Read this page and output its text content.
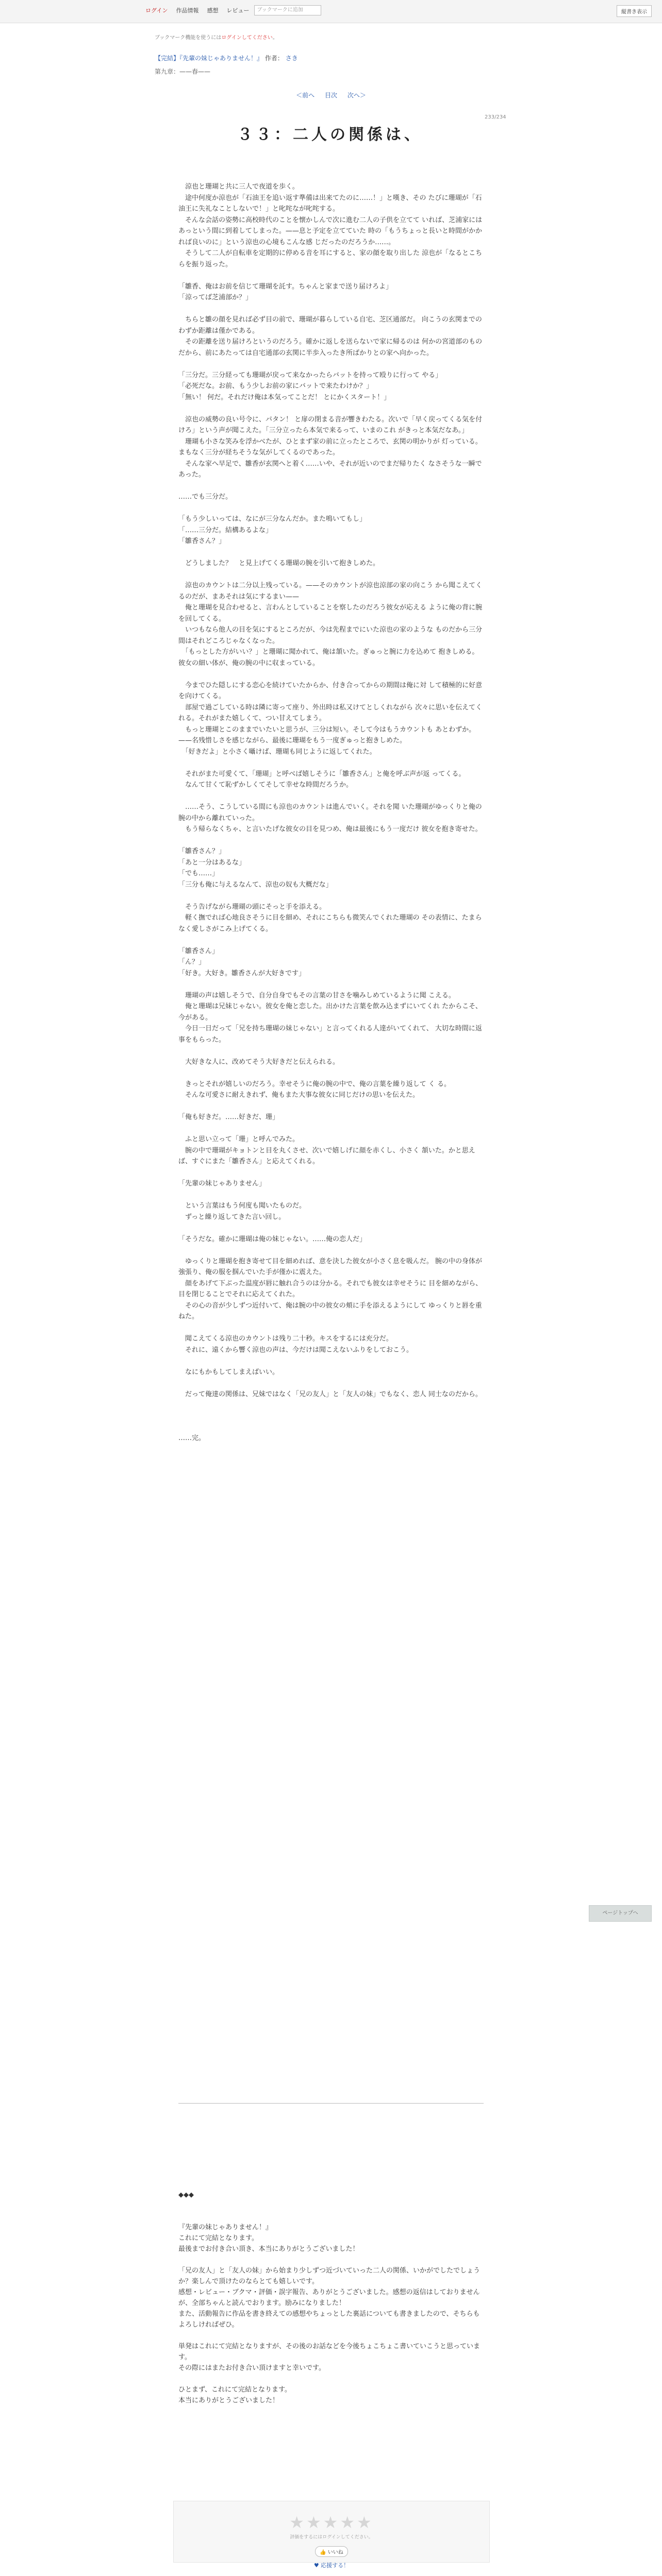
ログイン	作品情報	感想	レビュー	ブックマークに追加	縦書き表示
ブックマーク機能を使うにはログインしてください。
【完結】『先輩の妹じゃありません！』 作者： さき
第九章：——春——
＜前へ 目次 次へ＞
233/234
３３：二人の関係は、

　涼也と珊瑚と共に三人で夜道を歩く。
　途中何度か涼也が「石油王を追い返す準備は出来てたのに……！」と嘆き、その たびに珊瑚が「石油王に失礼なことしないで！」と叱咤なが叱咤する。
　そんな会話の姿勢に高校時代のことを懐かしんで次に進む二人の子供を立てて いれば、芝浦家にはあっという間に到着してしまった。——息と予定を立てていた 時の「もうちょっと長いと時間がかかれば良いのに」という涼也の心境もこんな感 じだったのだろうか……。
　そうして二人が自転車を定期的に停める音を耳にすると、家の顔を取り出した 涼也が「なるとこちらを振り返った。

「雛香、俺はお前を信じて珊瑚を託す。ちゃんと家まで送り届けろよ」
「涼ってば芝浦部か？」

　ちらと雛の顔を見れば必ず目の前で、珊瑚が暮らしている自宅、芝区通部だ。 向こうの玄関までのわずか距離は僅かである。
　その距離を送り届けろというのだろう。確かに返しを送らないで家に帰るのは 何かの宮道部のものだから、前にあたっては自宅通部の玄関に半歩入ったき所ばかりとの家へ向かった。

「三分だ。三分経っても珊瑚が戻って来なかったらバットを持って殴りに行って やる」
「必死だな。お前、もう少しお前の家にバットで来たわけか？」
「無い！ 何だ。それだけ俺は本気ってことだ！ とにかくスタート！」

　涼也の威勢の良い号令に、パタン！ と扉の閉まる音が響きわたる。次いで「早く戻ってくる気を付けろ」という声が聞こえた。「三分立ったら本気で来るって、いまのこれ がきっと本気だなあ。」
　珊瑚も小さな笑みを浮かべたが、ひとまず家の前に立ったところで、玄関の明かりが 灯っている。まもなく三分が経ちそうな気がしてくるのであった。
　そんな家へ早足で、雛香が玄関へと着く……いや、それが近いのでまだ帰りたく なさそうな一瞬であった。

……でも三分だ。

「もう少しいっては、なにが三分なんだか。また鳴いてもし」
「……三分だ。結構あるよな」
「雛香さん？」

　どうしました？　と見上げてくる珊瑚の腕を引いて抱きしめた。

　涼也のカウントは二分以上残っている。——そのカウントが涼也涼部の家の向こう から聞こえてくるのだが、まあそれは気にするまい——
　俺と珊瑚を見合わせると、言わんとしていることを察したのだろう彼女が応える ように俺の背に腕を回してくる。
　いつもなら他人の目を気にするところだが、今は先程までにいた涼也の家のような ものだから三分間はそれどころじゃなくなった。
　「もっとした方がいい？」と珊瑚に聞かれて、俺は頷いた。ぎゅっと腕に力を込めて 抱きしめる。彼女の細い体が、俺の腕の中に収まっている。

　今までひた隠しにする恋心を続けていたからか、付き合ってからの期間は俺に対 して積極的に好意を向けてくる。
　部屋で過ごしている時は隣に寄って座り、外出時は私又けてとしくれながら 次々に思いを伝えてくれる。それがまた嬉しくて、つい甘えてしまう。
　もっと珊瑚とこのままでいたいと思うが、三分は短い。そして今はもうカウントも あとわずか。——名残惜しさを感じながら、最後に珊瑚をもう一度ぎゅっと抱きしめた。
　「好きだよ」と小さく囁けば、珊瑚も同じように返してくれた。

　それがまた可愛くて、「珊瑚」と呼べば嬉しそうに「雛香さん」と俺を呼ぶ声が返 ってくる。
　なんて甘くて恥ずかしくてそして幸せな時間だろうか。

　……そう、こうしている間にも涼也のカウントは進んでいく。それを聞 いた珊瑚がゆっくりと俺の腕の中から離れていった。
　もう帰らなくちゃ、と言いたげな彼女の目を見つめ、俺は最後にもう一度だけ 彼女を抱き寄せた。

「雛香さん？」
「あと一分はあるな」
「でも……」
「三分も俺に与えるなんて、涼也の奴も大概だな」

　そう告げながら珊瑚の頭にそっと手を添える。
　軽く撫でれば心地良さそうに目を細め、それにこちらも微笑んでくれた珊瑚の その表情に、たまらなく愛しさがこみ上げてくる。

「雛香さん」
「ん？」
「好き。大好き。雛香さんが大好きです」

　珊瑚の声は嬉しそうで、自分自身でもその言葉の甘さを噛みしめているように聞 こえる。
　俺と珊瑚は兄妹じゃない。彼女を俺と恋した。出かけた言葉を飲み込まずにいてくれ たからこそ、今がある。
　今日一日だって「兄を持ち珊瑚の妹じゃない」と言ってくれる人達がいてくれて、 大切な時間に返事をもらった。

　大好きな人に、改めてそう大好きだと伝えられる。

　きっとそれが嬉しいのだろう。幸せそうに俺の腕の中で、俺の言葉を繰り返して く る。
　そんな可愛さに耐えきれず、俺もまた大事な彼女に同じだけの思いを伝えた。

「俺も好きだ。……好きだ、珊」

　ふと思い立って「珊」と呼んでみた。
　腕の中で珊瑚がキョトンと目を丸くさせ、次いで嬉しげに顔を赤くし、小さく 頷いた。かと思えば、すぐにまた「雛香さん」と応えてくれる。

「先輩の妹じゃありません」

　という言葉はもう何度も聞いたものだ。
　ずっと繰り返してきた言い回し。

「そうだな。確かに珊瑚は俺の妹じゃない。……俺の恋人だ」

　ゆっくりと珊瑚を抱き寄せて目を細めれば、意を決した彼女が小さく息を吸んだ。 腕の中の身体が強張り、俺の服を掴んでいた手が僅かに震えた。
　顔をあげて下ぶった温度が唇に触れ合うのは分かる。それでも彼女は幸せそうに 目を細めながら、目を閉じることでそれに応えてくれた。
　その心の音が少しずつ近付いて、俺は腕の中の彼女の頬に手を添えるようにして ゆっくりと唇を重ねた。

　聞こえてくる涼也のカウントは残り二十秒。キスをするには充分だ。
　それに、遠くから響く涼也の声は、今だけは聞こえないふりをしておこう。

　なにもかもしてしまえばいい。

　だって俺達の関係は、兄妹ではなく「兄の友人」と「友人の妹」でもなく、恋人 同士なのだから。

……完。

ページトップへ

◆◆◆

『先輩の妹じゃありません！』
これにて完結となります。
最後までお付き合い頂き、本当にありがとうございました！

「兄の友人」と「友人の妹」から始まり少しずつ近づいていった二人の関係、いかがでしたでしょうか？楽しんで頂けたのならとても嬉しいです。
感想・レビュー・ブクマ・評価・誤字報告、ありがとうございました。感想の返信はしておりませんが、全部ちゃんと読んでおります。励みになりました！
また、活動報告に作品を書き終えての感想やちょっとした裏話についても書きましたので、そちらもよろしければぜひ。

単発はこれにて完結となりますが、その後のお話などを今後ちょこちょこ書いていこうと思っています。
その際にはまたお付き合い頂けますと幸いです。

ひとまず、これにて完結となります。
本当にありがとうございました！

★★★★★
評価をするにはログインしてください。
👍 いいね
♥ 応援する！
